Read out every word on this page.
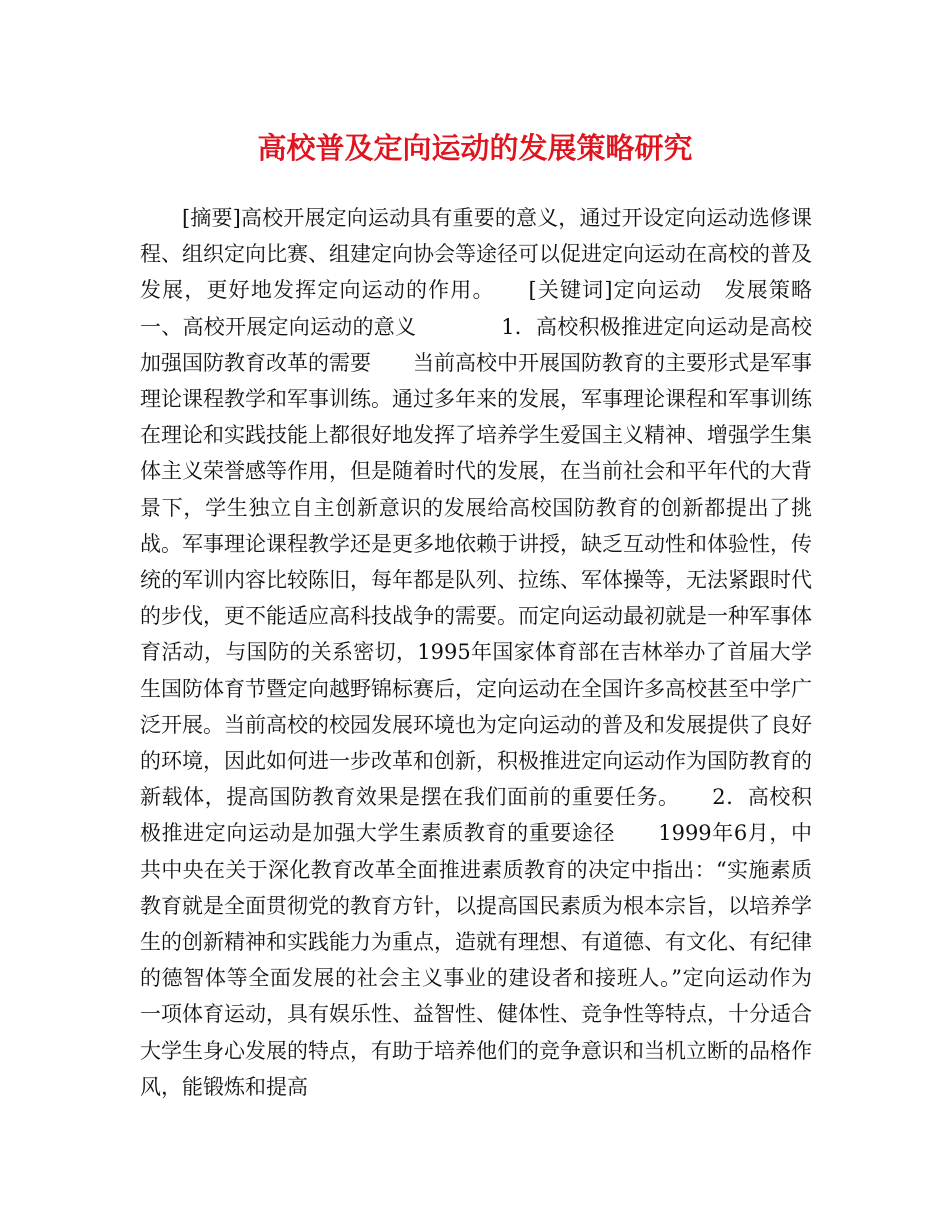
高校普及定向运动的发展策略研究

[摘要]高校开展定向运动具有重要的意义，通过开设定向运动选修课程、组织定向比赛、组建定向协会等途径可以促进定向运动在高校的普及发展，更好地发挥定向运动的作用。　　[关键词]定向运动　发展策略　　　　一、高校开展定向运动的意义　　　　1．高校积极推进定向运动是高校加强国防教育改革的需要　　当前高校中开展国防教育的主要形式是军事理论课程教学和军事训练。通过多年来的发展，军事理论课程和军事训练在理论和实践技能上都很好地发挥了培养学生爱国主义精神、增强学生集体主义荣誉感等作用，但是随着时代的发展，在当前社会和平年代的大背景下，学生独立自主创新意识的发展给高校国防教育的创新都提出了挑战。军事理论课程教学还是更多地依赖于讲授，缺乏互动性和体验性，传统的军训内容比较陈旧，每年都是队列、拉练、军体操等，无法紧跟时代的步伐，更不能适应高科技战争的需要。而定向运动最初就是一种军事体育活动，与国防的关系密切，1995年国家体育部在吉林举办了首届大学生国防体育节暨定向越野锦标赛后，定向运动在全国许多高校甚至中学广泛开展。当前高校的校园发展环境也为定向运动的普及和发展提供了良好的环境，因此如何进一步改革和创新，积极推进定向运动作为国防教育的新载体，提高国防教育效果是摆在我们面前的重要任务。　　2．高校积极推进定向运动是加强大学生素质教育的重要途径　　1999年6月，中共中央在关于深化教育改革全面推进素质教育的决定中指出：“实施素质教育就是全面贯彻党的教育方针，以提高国民素质为根本宗旨，以培养学生的创新精神和实践能力为重点，造就有理想、有道德、有文化、有纪律的德智体等全面发展的社会主义事业的建设者和接班人。”定向运动作为一项体育运动，具有娱乐性、益智性、健体性、竞争性等特点，十分适合大学生身心发展的特点，有助于培养他们的竞争意识和当机立断的品格作风，能锻炼和提高
